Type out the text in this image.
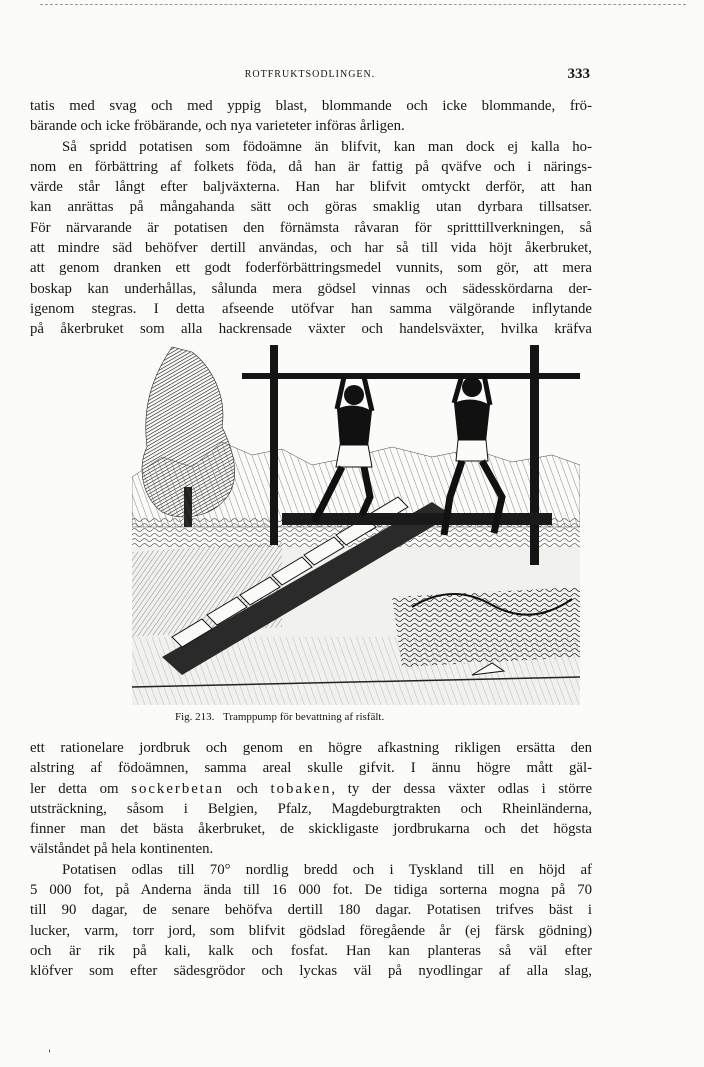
ROTFRUKTSODLINGEN.	333
tatis med svag och med yppig blast, blommande och icke blommande, frö-
bärande och icke fröbärande, och nya varieteter införas årligen.
Så spridd potatisen som födoämne än blifvit, kan man dock ej kalla ho-
nom en förbättring af folkets föda, då han är fattig på qväfve och i närings-
värde står långt efter baljväxterna. Han har blifvit omtyckt derför, att han
kan anrättas på mångahanda sätt och göras smaklig utan dyrbara tillsatser.
För närvarande är potatisen den förnämsta råvaran för spritttillverkningen, så
att mindre säd behöfver dertill användas, och har så till vida höjt åkerbruket,
att genom dranken ett godt foderförbättringsmedel vunnits, som gör, att mera
boskap kan underhållas, sålunda mera gödsel vinnas och sädesskördarna der-
igenom stegras. I detta afseende utöfvar han samma välgörande inflytande
på åkerbruket som alla hackrensade växter och handelsväxter, hvilka kräfva
Fig. 213. Tramppump för bevattning af risfält.
ett rationelare jordbruk och genom en högre afkastning rikligen ersätta den
alstring af födoämnen, samma areal skulle gifvit. I ännu högre mått gäl-
ler detta om sockerbetan och tobaken, ty der dessa växter odlas i större
utsträckning, såsom i Belgien, Pfalz, Magdeburgtrakten och Rheinländerna,
finner man det bästa åkerbruket, de skickligaste jordbrukarna och det högsta
välståndet på hela kontinenten.
Potatisen odlas till 70° nordlig bredd och i Tyskland till en höjd af
5 000 fot, på Anderna ända till 16 000 fot. De tidiga sorterna mogna på 70
till 90 dagar, de senare behöfva dertill 180 dagar. Potatisen trifves bäst i
lucker, varm, torr jord, som blifvit gödslad föregående år (ej färsk gödning)
och är rik på kali, kalk och fosfat. Han kan planteras så väl efter
klöfver som efter sädesgrödor och lyckas väl på nyodlingar af alla slag,
'
